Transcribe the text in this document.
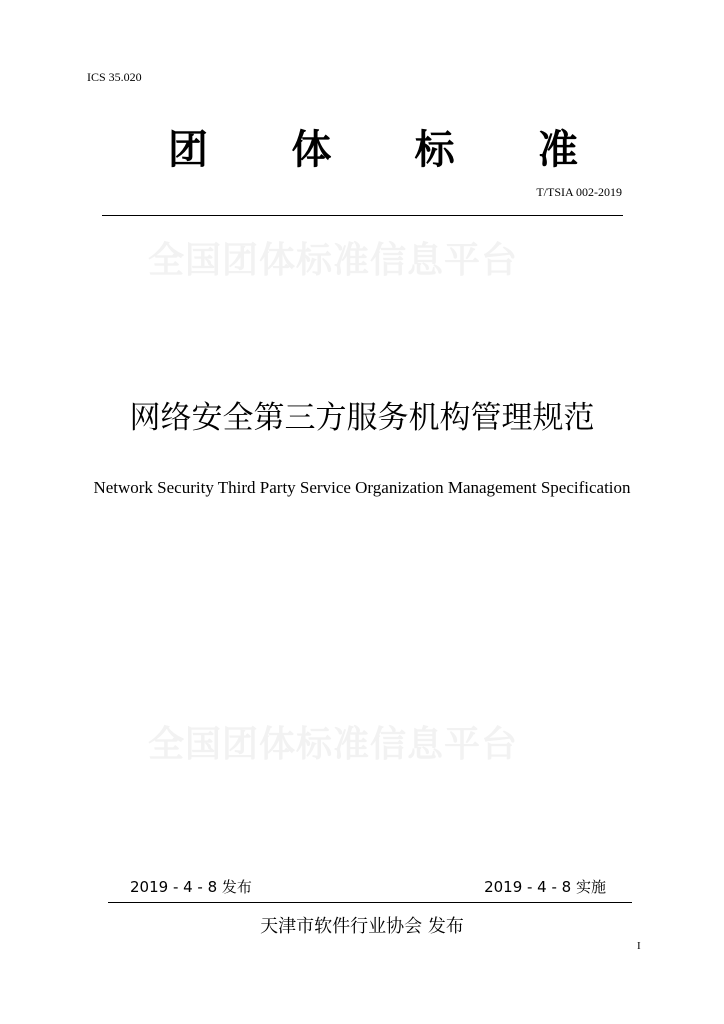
ICS 35.020
团 体 标 准
T/TSIA 002-2019
全国团体标准信息平台
网络安全第三方服务机构管理规范
Network Security Third Party Service Organization Management Specification
全国团体标准信息平台
2019 - 4 - 8 发布	2019 - 4 - 8 实施
天津市软件行业协会 发布
I
